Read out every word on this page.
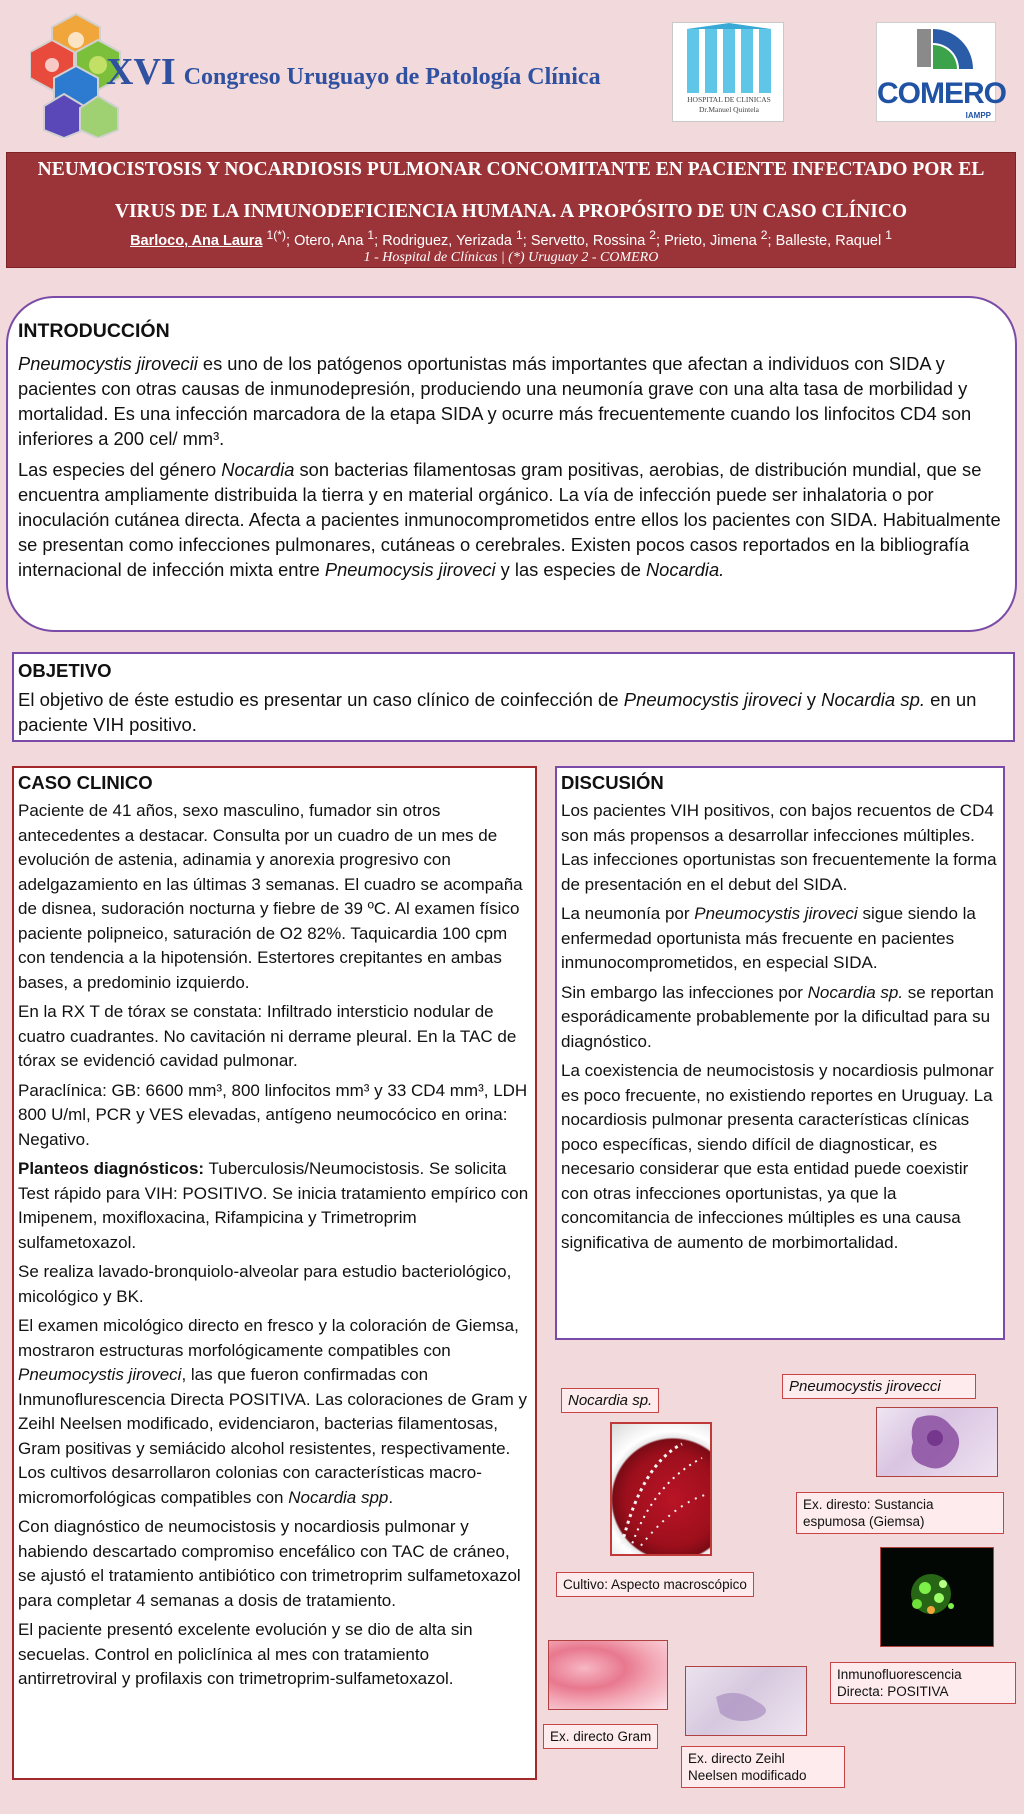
XVI Congreso Uruguayo de Patología Clínica
HOSPITAL DE CLINICAS
Dr.Manuel Quintela	COMERO
IAMPP
NEUMOCISTOSIS Y NOCARDIOSIS PULMONAR CONCOMITANTE EN PACIENTE INFECTADO POR EL
VIRUS DE LA INMUNODEFICIENCIA HUMANA. A PROPÓSITO DE UN CASO CLÍNICO
Barloco, Ana Laura $^{1(*)}$; Otero, Ana $^1$; Rodriguez, Yerizada $^1$; Servetto, Rossina $^2$; Prieto, Jimena $^2$; Balleste, Raquel $^1$
1 - Hospital de Clínicas | (*) Uruguay 2 - COMERO
INTRODUCCIÓN

Pneumocystis jirovecii es uno de los patógenos oportunistas más importantes que afectan a individuos con SIDA y pacientes con otras causas de inmunodepresión, produciendo una neumonía grave con una alta tasa de morbilidad y mortalidad. Es una infección marcadora de la etapa SIDA y ocurre más frecuentemente cuando los linfocitos CD4 son inferiores a 200 cel/ mm³.

Las especies del género Nocardia son bacterias filamentosas gram positivas, aerobias, de distribución mundial, que se encuentra ampliamente distribuida la tierra y en material orgánico. La vía de infección puede ser inhalatoria o por inoculación cutánea directa. Afecta a pacientes inmunocomprometidos entre ellos los pacientes con SIDA. Habitualmente se presentan como infecciones pulmonares, cutáneas o cerebrales. Existen pocos casos reportados en la bibliografía internacional de infección mixta entre Pneumocysis jiroveci y las especies de Nocardia.

OBJETIVO

El objetivo de éste estudio es presentar un caso clínico de coinfección de Pneumocystis jiroveci y Nocardia sp. en un paciente VIH positivo.

CASO CLINICO

Paciente de 41 años, sexo masculino, fumador sin otros antecedentes a destacar. Consulta por un cuadro de un mes de evolución de astenia, adinamia y anorexia progresivo con adelgazamiento en las últimas 3 semanas. El cuadro se acompaña de disnea, sudoración nocturna y fiebre de 39 ºC. Al examen físico paciente polipneico, saturación de O2 82%. Taquicardia 100 cpm con tendencia a la hipotensión. Estertores crepitantes en ambas bases, a predominio izquierdo.

En la RX T de tórax se constata: Infiltrado intersticio nodular de cuatro cuadrantes. No cavitación ni derrame pleural. En la TAC de tórax se evidenció cavidad pulmonar.

Paraclínica: GB: 6600 mm³, 800 linfocitos mm³ y 33 CD4 mm³, LDH 800 U/ml, PCR y VES elevadas, antígeno neumocócico en orina: Negativo.

Planteos diagnósticos: Tuberculosis/Neumocistosis. Se solicita Test rápido para VIH: POSITIVO. Se inicia tratamiento empírico con Imipenem, moxifloxacina, Rifampicina y Trimetroprim sulfametoxazol.

Se realiza lavado-bronquiolo-alveolar para estudio bacteriológico, micológico y BK.

El examen micológico directo en fresco y la coloración de Giemsa, mostraron estructuras morfológicamente compatibles con Pneumocystis jiroveci, las que fueron confirmadas con Inmunoflurescencia Directa POSITIVA. Las coloraciones de Gram y Zeihl Neelsen modificado, evidenciaron, bacterias filamentosas, Gram positivas y semiácido alcohol resistentes, respectivamente. Los cultivos desarrollaron colonias con características macro-micromorfológicas compatibles con Nocardia spp.

Con diagnóstico de neumocistosis y nocardiosis pulmonar y habiendo descartado compromiso encefálico con TAC de cráneo, se ajustó el tratamiento antibiótico con trimetroprim sulfametoxazol para completar 4 semanas a dosis de tratamiento.

El paciente presentó excelente evolución y se dio de alta sin secuelas. Control en policlínica al mes con tratamiento antirretroviral y profilaxis con trimetroprim-sulfametoxazol.

DISCUSIÓN

Los pacientes VIH positivos, con bajos recuentos de CD4 son más propensos a desarrollar infecciones múltiples. Las infecciones oportunistas son frecuentemente la forma de presentación en el debut del SIDA.

La neumonía por Pneumocystis jiroveci sigue siendo la enfermedad oportunista más frecuente en pacientes inmunocomprometidos, en especial SIDA.

Sin embargo las infecciones por Nocardia sp. se reportan esporádicamente probablemente por la dificultad para su diagnóstico.

La coexistencia de neumocistosis y nocardiosis pulmonar es poco frecuente, no existiendo reportes en Uruguay. La nocardiosis pulmonar presenta características clínicas poco específicas, siendo difícil de diagnosticar, es necesario considerar que esta entidad puede coexistir con otras infecciones oportunistas, ya que la concomitancia de infecciones múltiples es una causa significativa de aumento de morbimortalidad.

Nocardia sp.
Pneumocystis jirovecci
Ex. diresto: Sustancia espumosa (Giemsa)
Cultivo: Aspecto macroscópico
Inmunofluorescencia Directa: POSITIVA
Ex. directo Gram
Ex. directo Zeihl Neelsen modificado
